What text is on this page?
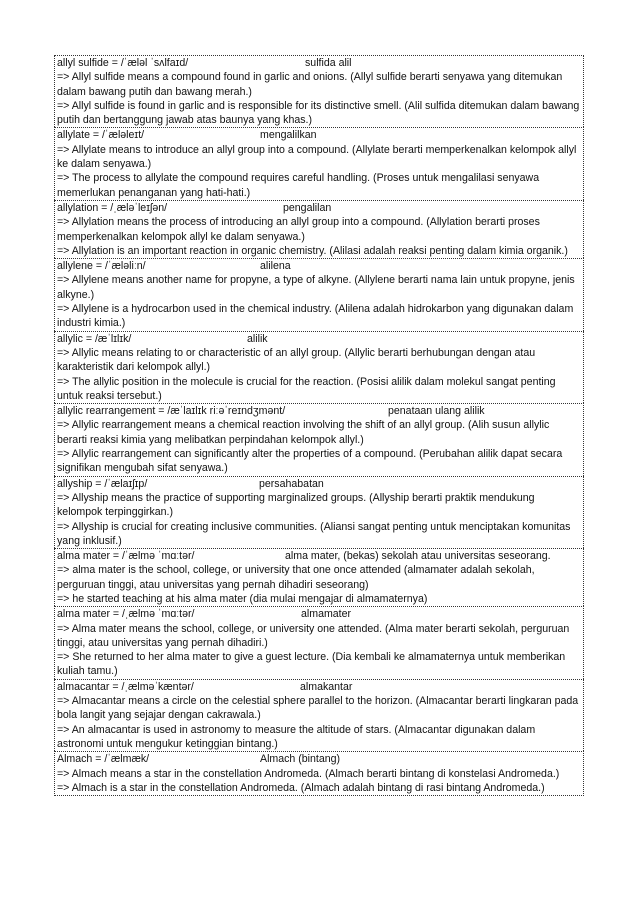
allyl sulfide = /ˈæləl ˈsʌlfaɪd/	sulfida alil

=> Allyl sulfide means a compound found in garlic and onions. (Allyl sulfide berarti senyawa yang ditemukan dalam bawang putih dan bawang merah.)

=> Allyl sulfide is found in garlic and is responsible for its distinctive smell. (Alil sulfida ditemukan dalam bawang putih dan bertanggung jawab atas baunya yang khas.)

allylate = /ˈæləleɪt/	mengalilkan

=> Allylate means to introduce an allyl group into a compound. (Allylate berarti memperkenalkan kelompok allyl ke dalam senyawa.)

=> The process to allylate the compound requires careful handling. (Proses untuk mengalilasi senyawa memerlukan penanganan yang hati-hati.)

allylation = /ˌæləˈleɪʃən/	pengalilan

=> Allylation means the process of introducing an allyl group into a compound. (Allylation berarti proses memperkenalkan kelompok allyl ke dalam senyawa.)

=> Allylation is an important reaction in organic chemistry. (Alilasi adalah reaksi penting dalam kimia organik.)

allylene = /ˈæləliːn/	alilena

=> Allylene means another name for propyne, a type of alkyne. (Allylene berarti nama lain untuk propyne, jenis alkyne.)

=> Allylene is a hydrocarbon used in the chemical industry. (Alilena adalah hidrokarbon yang digunakan dalam industri kimia.)

allylic = /æˈlɪlɪk/	alilik

=> Allylic means relating to or characteristic of an allyl group. (Allylic berarti berhubungan dengan atau karakteristik dari kelompok allyl.)

=> The allylic position in the molecule is crucial for the reaction. (Posisi alilik dalam molekul sangat penting untuk reaksi tersebut.)

allylic rearrangement = /æˈlaɪlɪk riːəˈreɪndʒmənt/	penataan ulang alilik

=> Allylic rearrangement means a chemical reaction involving the shift of an allyl group. (Alih susun allylic berarti reaksi kimia yang melibatkan perpindahan kelompok allyl.)

=> Allylic rearrangement can significantly alter the properties of a compound. (Perubahan alilik dapat secara signifikan mengubah sifat senyawa.)

allyship = /ˈælaɪʃɪp/	persahabatan

=> Allyship means the practice of supporting marginalized groups. (Allyship berarti praktik mendukung kelompok terpinggirkan.)

=> Allyship is crucial for creating inclusive communities. (Aliansi sangat penting untuk menciptakan komunitas yang inklusif.)

alma mater = /ˈælmə ˈmɑːtər/	alma mater, (bekas) sekolah atau universitas seseorang.

=> alma mater is the school, college, or university that one once attended (almamater adalah sekolah, perguruan tinggi, atau universitas yang pernah dihadiri seseorang)

=> he started teaching at his alma mater (dia mulai mengajar di almamaternya)

alma mater = /ˌælmə ˈmɑːtər/	almamater

=> Alma mater means the school, college, or university one attended. (Alma mater berarti sekolah, perguruan tinggi, atau universitas yang pernah dihadiri.)

=> She returned to her alma mater to give a guest lecture. (Dia kembali ke almamaternya untuk memberikan kuliah tamu.)

almacantar = /ˌælməˈkæntər/	almakantar

=> Almacantar means a circle on the celestial sphere parallel to the horizon. (Almacantar berarti lingkaran pada bola langit yang sejajar dengan cakrawala.)

=> An almacantar is used in astronomy to measure the altitude of stars. (Almacantar digunakan dalam astronomi untuk mengukur ketinggian bintang.)

Almach = /ˈælmæk/	Almach (bintang)

=> Almach means a star in the constellation Andromeda. (Almach berarti bintang di konstelasi Andromeda.)

=> Almach is a star in the constellation Andromeda. (Almach adalah bintang di rasi bintang Andromeda.)
